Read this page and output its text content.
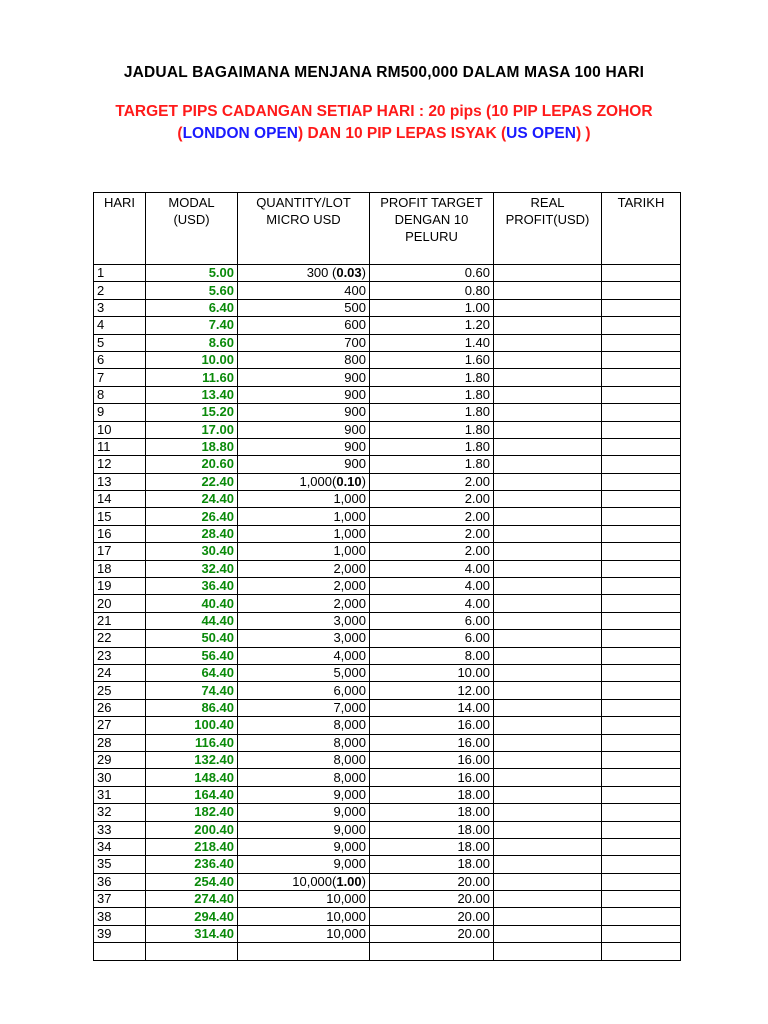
JADUAL BAGAIMANA MENJANA RM500,000 DALAM MASA 100 HARI
TARGET PIPS CADANGAN SETIAP HARI : 20 pips (10 PIP LEPAS ZOHOR
(LONDON OPEN) DAN 10 PIP LEPAS ISYAK (US OPEN) )
HARI	MODAL (USD)	QUANTITY/LOT MICRO USD	PROFIT TARGET DENGAN 10 PELURU	REAL PROFIT(USD)	TARIKH
1	5.00	300 (0.03)	0.60		
2	5.60	400	0.80		
3	6.40	500	1.00		
4	7.40	600	1.20		
5	8.60	700	1.40		
6	10.00	800	1.60		
7	11.60	900	1.80		
8	13.40	900	1.80		
9	15.20	900	1.80		
10	17.00	900	1.80		
11	18.80	900	1.80		
12	20.60	900	1.80		
13	22.40	1,000(0.10)	2.00		
14	24.40	1,000	2.00		
15	26.40	1,000	2.00		
16	28.40	1,000	2.00		
17	30.40	1,000	2.00		
18	32.40	2,000	4.00		
19	36.40	2,000	4.00		
20	40.40	2,000	4.00		
21	44.40	3,000	6.00		
22	50.40	3,000	6.00		
23	56.40	4,000	8.00		
24	64.40	5,000	10.00		
25	74.40	6,000	12.00		
26	86.40	7,000	14.00		
27	100.40	8,000	16.00		
28	116.40	8,000	16.00		
29	132.40	8,000	16.00		
30	148.40	8,000	16.00		
31	164.40	9,000	18.00		
32	182.40	9,000	18.00		
33	200.40	9,000	18.00		
34	218.40	9,000	18.00		
35	236.40	9,000	18.00		
36	254.40	10,000(1.00)	20.00		
37	274.40	10,000	20.00		
38	294.40	10,000	20.00		
39	314.40	10,000	20.00		
